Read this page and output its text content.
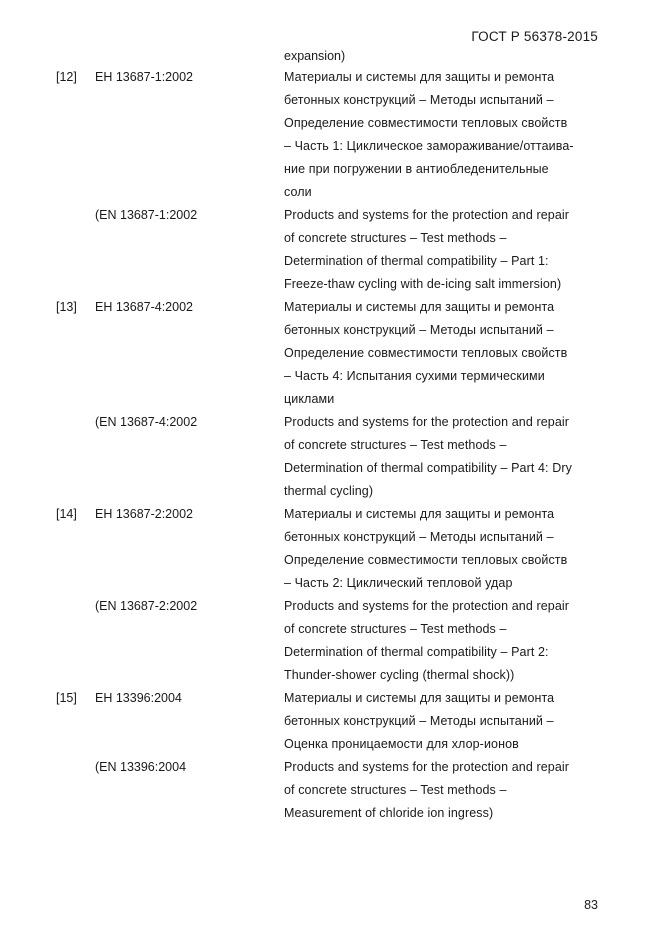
ГОСТ Р 56378-2015
expansion)
[12] ЕН 13687-1:2002	Материалы и системы для защиты и ремонта
бетонных конструкций – Методы испытаний –
Определение совместимости тепловых свойств
– Часть 1: Циклическое замораживание/оттаива-
ние при погружении в антиобледенительные
соли
(EN 13687-1:2002	Products and systems for the protection and repair
of concrete structures – Test methods –
Determination of thermal compatibility – Part 1:
Freeze-thaw cycling with de-icing salt immersion)
[13] ЕН 13687-4:2002	Материалы и системы для защиты и ремонта
бетонных конструкций – Методы испытаний –
Определение совместимости тепловых свойств
– Часть 4: Испытания сухими термическими
циклами
(EN 13687-4:2002	Products and systems for the protection and repair
of concrete structures – Test methods –
Determination of thermal compatibility – Part 4: Dry
thermal cycling)
[14] ЕН 13687-2:2002	Материалы и системы для защиты и ремонта
бетонных конструкций – Методы испытаний –
Определение совместимости тепловых свойств
– Часть 2: Циклический тепловой удар
(EN 13687-2:2002	Products and systems for the protection and repair
of concrete structures – Test methods –
Determination of thermal compatibility – Part 2:
Thunder-shower cycling (thermal shock))
[15] ЕН 13396:2004	Материалы и системы для защиты и ремонта
бетонных конструкций – Методы испытаний –
Оценка проницаемости для хлор-ионов
(EN 13396:2004	Products and systems for the protection and repair
of concrete structures – Test methods –
Measurement of chloride ion ingress)
83
